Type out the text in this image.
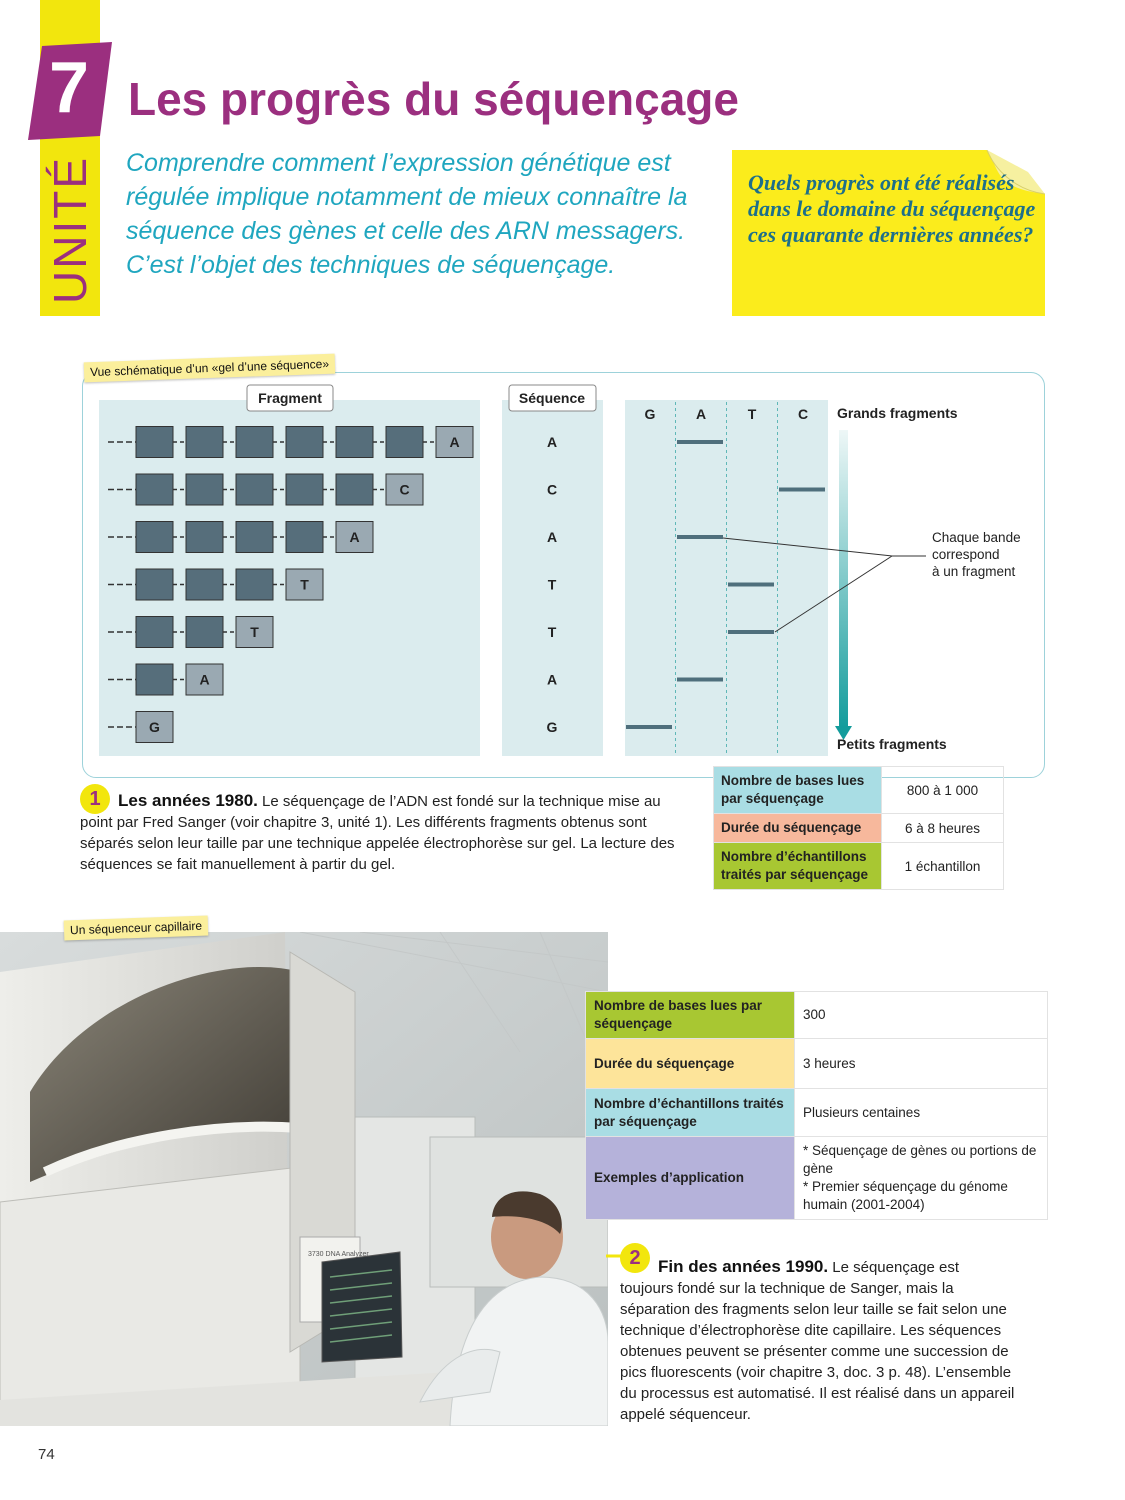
7
UNITÉ
Les progrès du séquençage

Comprendre comment l’expression génétique est régulée implique notamment de mieux connaître la séquence des gènes et celle des ARN messagers. C’est l’objet des techniques de séquençage.

Quels progrès ont été réalisés dans le domaine du séquençage ces quarante dernières années?

Vue schématique d’un «gel d’une séquence»
A
C
A
T
T
A
G
A
C
A
T
T
A
G
G	A	T	C
Fragment	Séquence
Grands fragments
Petits fragments
Chaque bande
correspond
à un fragment
1	Les années 1980. Le séquençage de l’ADN est fondé sur la technique mise au point par Fred Sanger (voir chapitre 3, unité 1). Les différents fragments obtenus sont séparés selon leur taille par une technique appelée électrophorèse sur gel. La lecture des séquences se fait manuellement à partir du gel.

Nombre de bases lues par séquençage	800 à 1 000
Durée du séquençage	6 à 8 heures
Nombre d’échantillons traités par séquençage	1 échantillon
3730 DNA Analyzer
Un séquenceur capillaire
Nombre de bases lues par séquençage	300
Durée du séquençage	3 heures
Nombre d’échantillons traités par séquençage	Plusieurs centaines
Exemples d’application	* Séquençage de gènes ou portions de gène
* Premier séquençage du génome humain (2001-2004)
2	Fin des années 1990. Le séquençage est toujours fondé sur la technique de Sanger, mais la séparation des fragments selon leur taille se fait selon une technique d’électrophorèse dite capillaire. Les séquences obtenues peuvent se présenter comme une succession de pics fluorescents (voir chapitre 3, doc. 3 p. 48). L’ensemble du processus est automatisé. Il est réalisé dans un appareil appelé séquenceur.

74
